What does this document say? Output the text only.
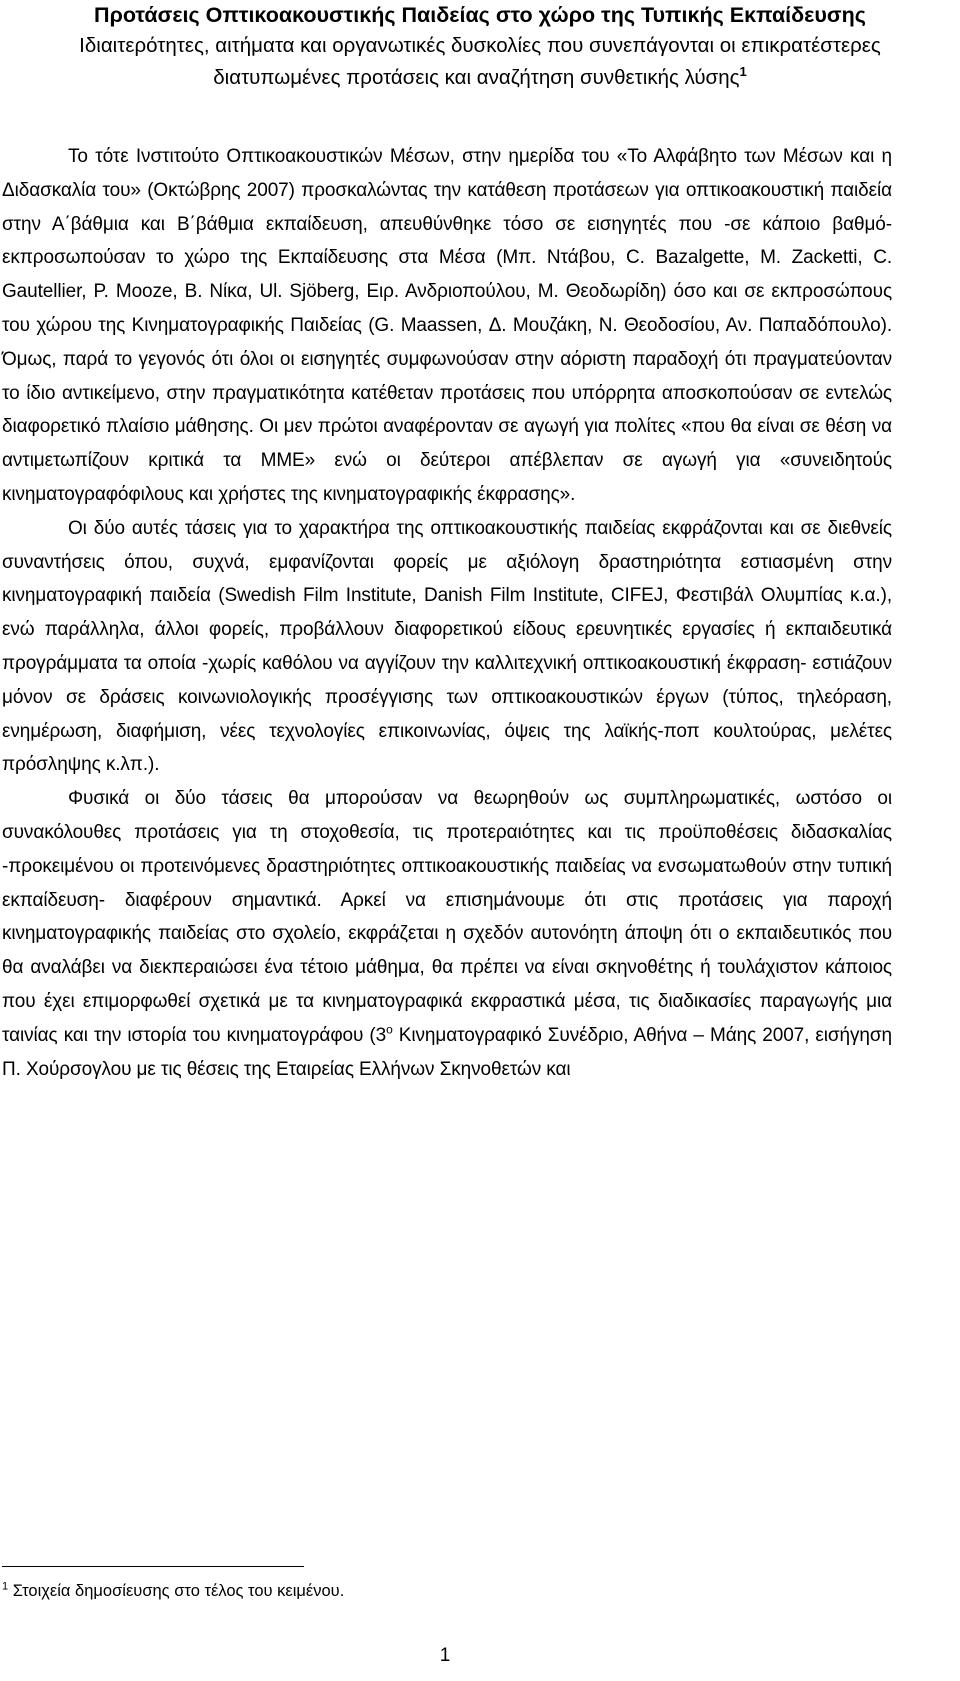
Προτάσεις Οπτικοακουστικής Παιδείας στο χώρο της Τυπικής Εκπαίδευσης
Ιδιαιτερότητες, αιτήματα και οργανωτικές δυσκολίες που συνεπάγονται οι επικρατέστερες διατυπωμένες προτάσεις και αναζήτηση συνθετικής λύσης$^1$

Το τότε Ινστιτούτο Οπτικοακουστικών Μέσων, στην ημερίδα του «Το Αλφάβητο των Μέσων και η Διδασκαλία του» (Οκτώβρης 2007) προσκαλώντας την κατάθεση προτάσεων για οπτικοακουστική παιδεία στην Α΄βάθμια και Β΄βάθμια εκπαίδευση, απευθύνθηκε τόσο σε εισηγητές που -σε κάποιο βαθμό- εκπροσωπούσαν το χώρο της Εκπαίδευσης στα Μέσα (Μπ. Ντάβου, C. Bazalgette, M. Zacketti, C. Gautellier, P. Mooze, B. Νίκα, Ul. Sjöberg, Ειρ. Ανδριοπούλου, Μ. Θεοδωρίδη) όσο και σε εκπροσώπους του χώρου της Κινηματογραφικής Παιδείας (G. Maassen, Δ. Μουζάκη, Ν. Θεοδοσίου, Αν. Παπαδόπουλο). Όμως, παρά το γεγονός ότι όλοι οι εισηγητές συμφωνούσαν στην αόριστη παραδοχή ότι πραγματεύονταν το ίδιο αντικείμενο, στην πραγματικότητα κατέθεταν προτάσεις που υπόρρητα αποσκοπούσαν σε εντελώς διαφορετικό πλαίσιο μάθησης. Οι μεν πρώτοι αναφέρονταν σε αγωγή για πολίτες «που θα είναι σε θέση να αντιμετωπίζουν κριτικά τα ΜΜΕ» ενώ οι δεύτεροι απέβλεπαν σε αγωγή για «συνειδητούς κινηματογραφόφιλους και χρήστες της κινηματογραφικής έκφρασης».

Οι δύο αυτές τάσεις για το χαρακτήρα της οπτικοακουστικής παιδείας εκφράζονται και σε διεθνείς συναντήσεις όπου, συχνά, εμφανίζονται φορείς με αξιόλογη δραστηριότητα εστιασμένη στην κινηματογραφική παιδεία (Swedish Film Institute, Danish Film Institute, CIFEJ, Φεστιβάλ Ολυμπίας κ.α.), ενώ παράλληλα, άλλοι φορείς, προβάλλουν διαφορετικού είδους ερευνητικές εργασίες ή εκπαιδευτικά προγράμματα τα οποία -χωρίς καθόλου να αγγίζουν την καλλιτεχνική οπτικοακουστική έκφραση- εστιάζουν μόνον σε δράσεις κοινωνιολογικής προσέγγισης των οπτικοακουστικών έργων (τύπος, τηλεόραση, ενημέρωση, διαφήμιση, νέες τεχνολογίες επικοινωνίας, όψεις της λαϊκής-ποπ κουλτούρας, μελέτες πρόσληψης κ.λπ.).

Φυσικά οι δύο τάσεις θα μπορούσαν να θεωρηθούν ως συμπληρωματικές, ωστόσο οι συνακόλουθες προτάσεις για τη στοχοθεσία, τις προτεραιότητες και τις προϋποθέσεις διδασκαλίας -προκειμένου οι προτεινόμενες δραστηριότητες οπτικοακουστικής παιδείας να ενσωματωθούν στην τυπική εκπαίδευση- διαφέρουν σημαντικά. Αρκεί να επισημάνουμε ότι στις προτάσεις για παροχή κινηματογραφικής παιδείας στο σχολείο, εκφράζεται η σχεδόν αυτονόητη άποψη ότι ο εκπαιδευτικός που θα αναλάβει να διεκπεραιώσει ένα τέτοιο μάθημα, θα πρέπει να είναι σκηνοθέτης ή τουλάχιστον κάποιος που έχει επιμορφωθεί σχετικά με τα κινηματογραφικά εκφραστικά μέσα, τις διαδικασίες παραγωγής μια ταινίας και την ιστορία του κινηματογράφου ($3^o$ Κινηματογραφικό Συνέδριο, Αθήνα – Μάης 2007, εισήγηση Π. Χούρσογλου με τις θέσεις της Εταιρείας Ελλήνων Σκηνοθετών και

$^1$ Στοιχεία δημοσίευσης στο τέλος του κειμένου.
1
